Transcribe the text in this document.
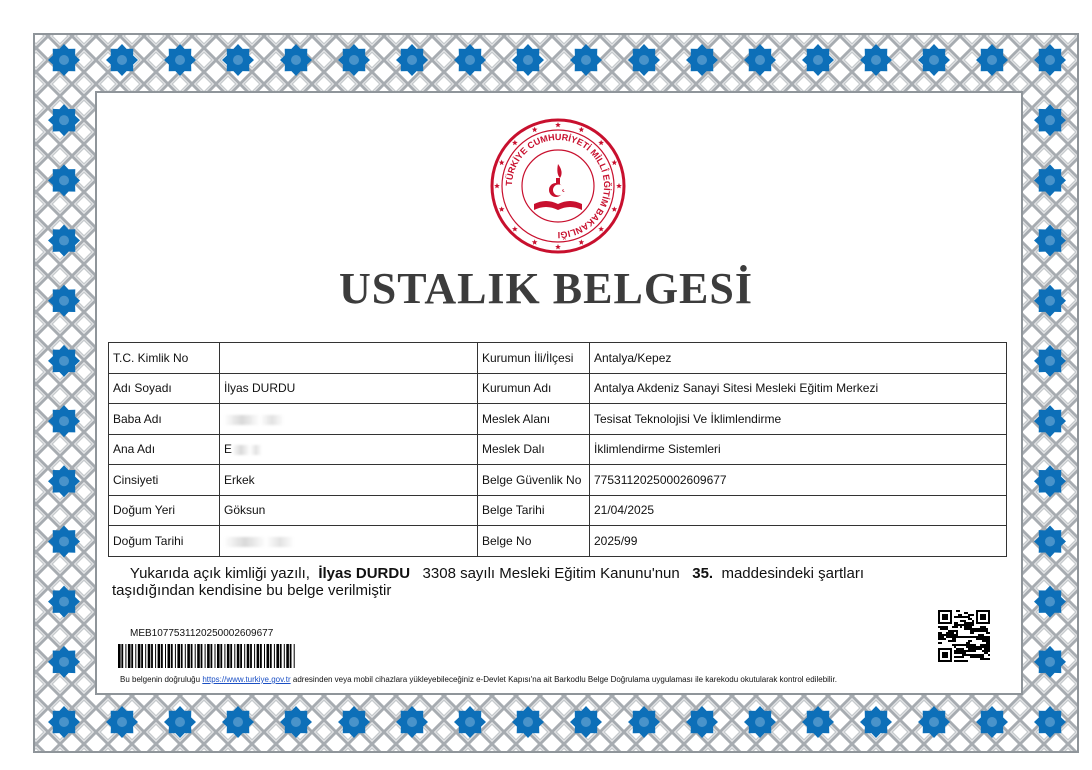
TÜRKİYE CUMHURİYETİ MİLLÎ EĞİTİM BAKANLIĞI
USTALIK BELGESİ
T.C. Kimlik No		Kurumun İli/İlçesi	Antalya/Kepez
Adı Soyadı	İlyas DURDU	Kurumun Adı	Antalya Akdeniz Sanayi Sitesi Mesleki Eğitim Merkezi
Baba Adı		Meslek Alanı	Tesisat Teknolojisi Ve İklimlendirme
Ana Adı	E	Meslek Dalı	İklimlendirme Sistemleri
Cinsiyeti	Erkek	Belge Güvenlik No	77531120250002609677
Doğum Yeri	Göksun	Belge Tarihi	21/04/2025
Doğum Tarihi		Belge No	2025/99
Yukarıda açık kimliği yazılı, İlyas DURDU 3308 sayılı Mesleki Eğitim Kanunu'nun 35. maddesindeki şartları
taşıdığından kendisine bu belge verilmiştir
MEB107753112025000260967​7
Bu belgenin doğruluğu https://www.turkiye.gov.tr adresinden veya mobil cihazlara yükleyebileceğiniz e-Devlet Kapısı'na ait Barkodlu Belge Doğrulama uygulaması ile karekodu okutularak kontrol edilebilir.
